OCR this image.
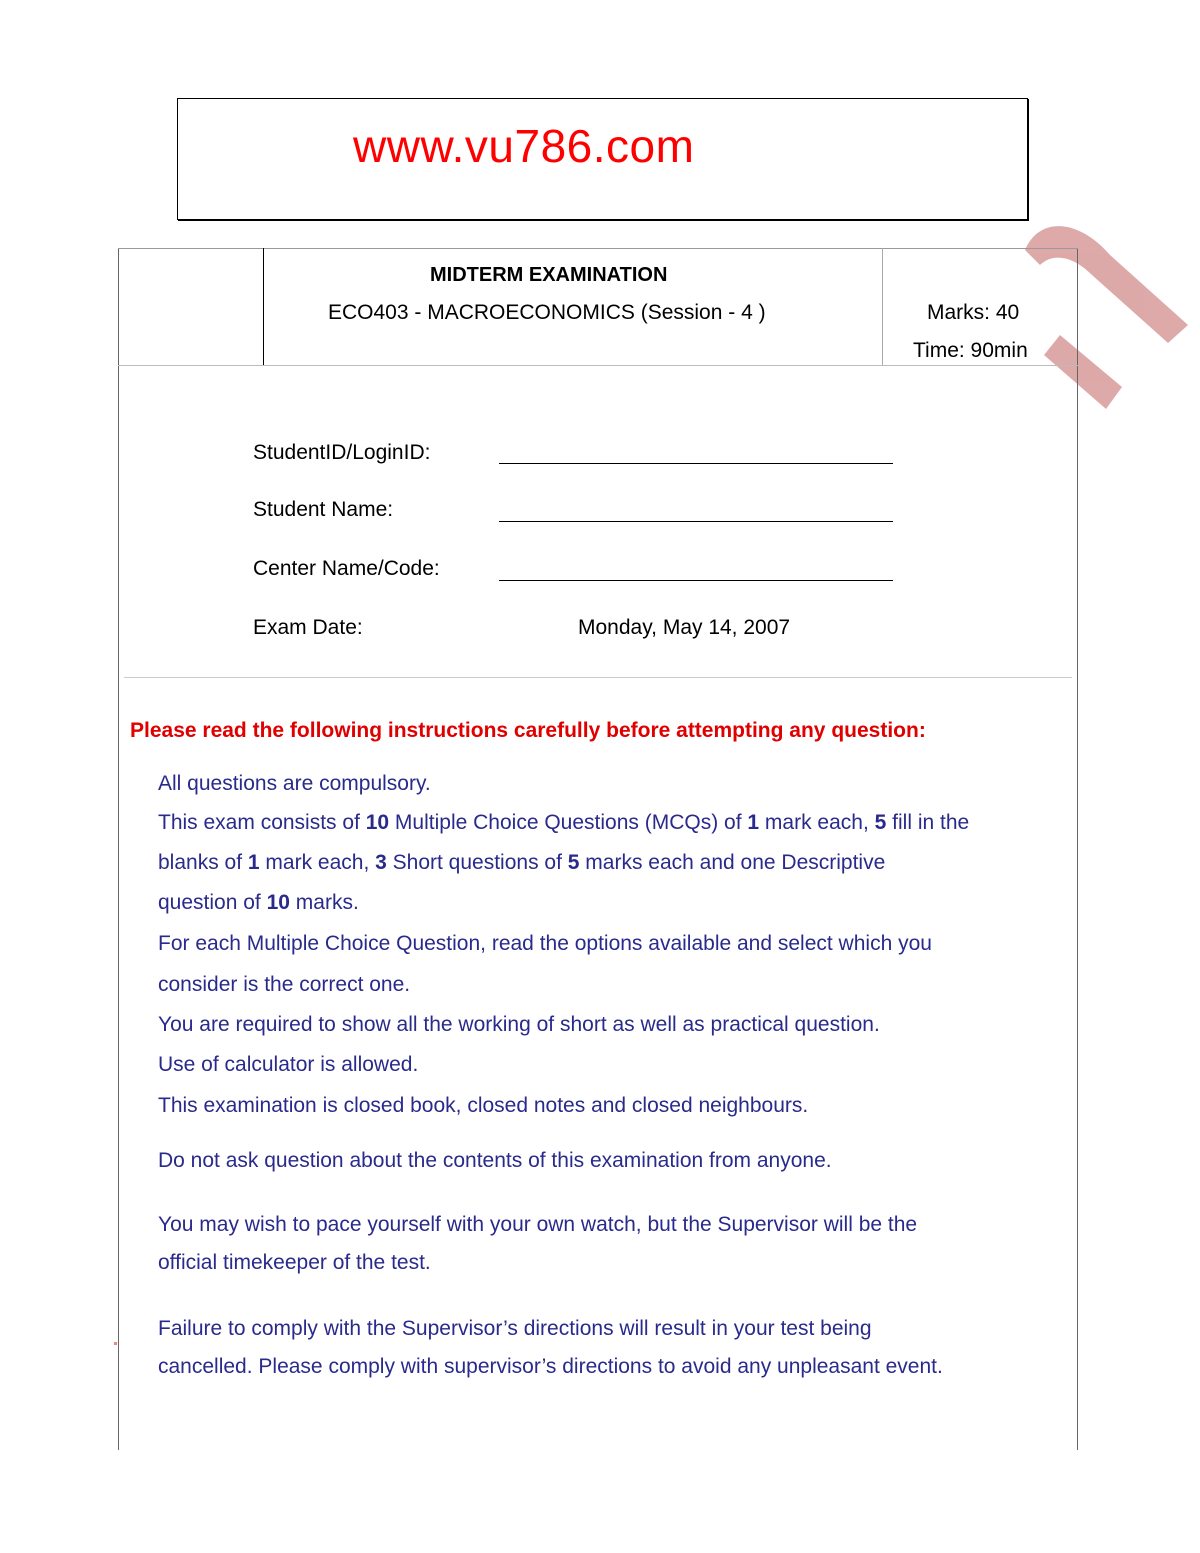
www.vu786.com
MIDTERM EXAMINATION
ECO403 - MACROECONOMICS (Session - 4 )	Marks: 40
Time: 90min
StudentID/LoginID:
Student Name:
Center Name/Code:
Exam Date:	Monday, May 14, 2007
Please read the following instructions carefully before attempting any question:
All questions are compulsory.
This exam consists of 10 Multiple Choice Questions (MCQs) of 1 mark each, 5 fill in the
blanks of 1 mark each, 3 Short questions of 5 marks each and one Descriptive
question of 10 marks.
For each Multiple Choice Question, read the options available and select which you
consider is the correct one.
You are required to show all the working of short as well as practical question.
Use of calculator is allowed.
This examination is closed book, closed notes and closed neighbours.
Do not ask question about the contents of this examination from anyone.
You may wish to pace yourself with your own watch, but the Supervisor will be the
official timekeeper of the test.
Failure to comply with the Supervisor’s directions will result in your test being
cancelled. Please comply with supervisor’s directions to avoid any unpleasant event.
